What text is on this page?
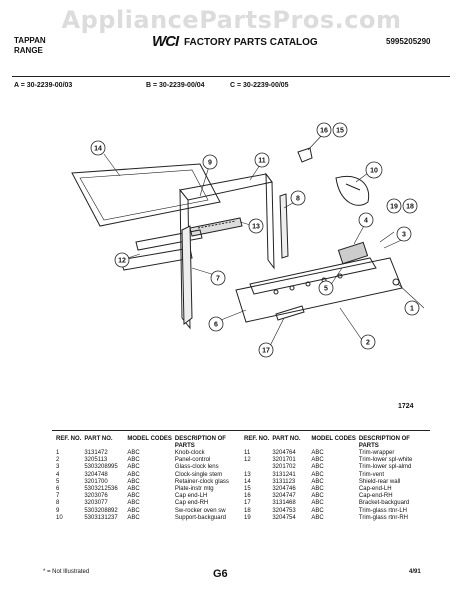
AppliancePartsPros.com
TAPPAN
RANGE
WCI FACTORY PARTS CATALOG	5995205290
A = 30-2239-00/03	B = 30-2239-00/04	C = 30-2239-00/05
14
9	11
16 15
10
8
13
12
7
4
19 18
3
5
1
6
17
2
1724
REF. NO.	PART NO.	MODEL CODES	DESCRIPTION OF PARTS
1	3131472	ABC	Knob-clock
2	3205113	ABC	Panel-control
3	5303208995	ABC	Glass-clock lens
4	3204748	ABC	Clock-single stem
5	3201700	ABC	Retainer-clock glass
6	5303212536	ABC	Plate-instr mtg
7	3203076	ABC	Cap end-LH
8	3203077	ABC	Cap end-RH
9	5303208892	ABC	Sw-rocker oven sw
10	5303131237	ABC	Support-backguard
REF. NO.	PART NO.	MODEL CODES	DESCRIPTION OF PARTS
11	3204764	ABC	Trim-wrapper
12	3201701	ABC	Trim-lower spl-white
	3201702	ABC	Trim-lower spl-almd
13	3131241	ABC	Trim-vent
14	3131123	ABC	Shield-rear wall
15	3204746	ABC	Cap-end-LH
16	3204747	ABC	Cap-end-RH
17	3131468	ABC	Bracket-backguard
18	3204753	ABC	Trim-glass rtnr-LH
19	3204754	ABC	Trim-glass rtnr-RH
* = Not Illustrated	G6	4/91
